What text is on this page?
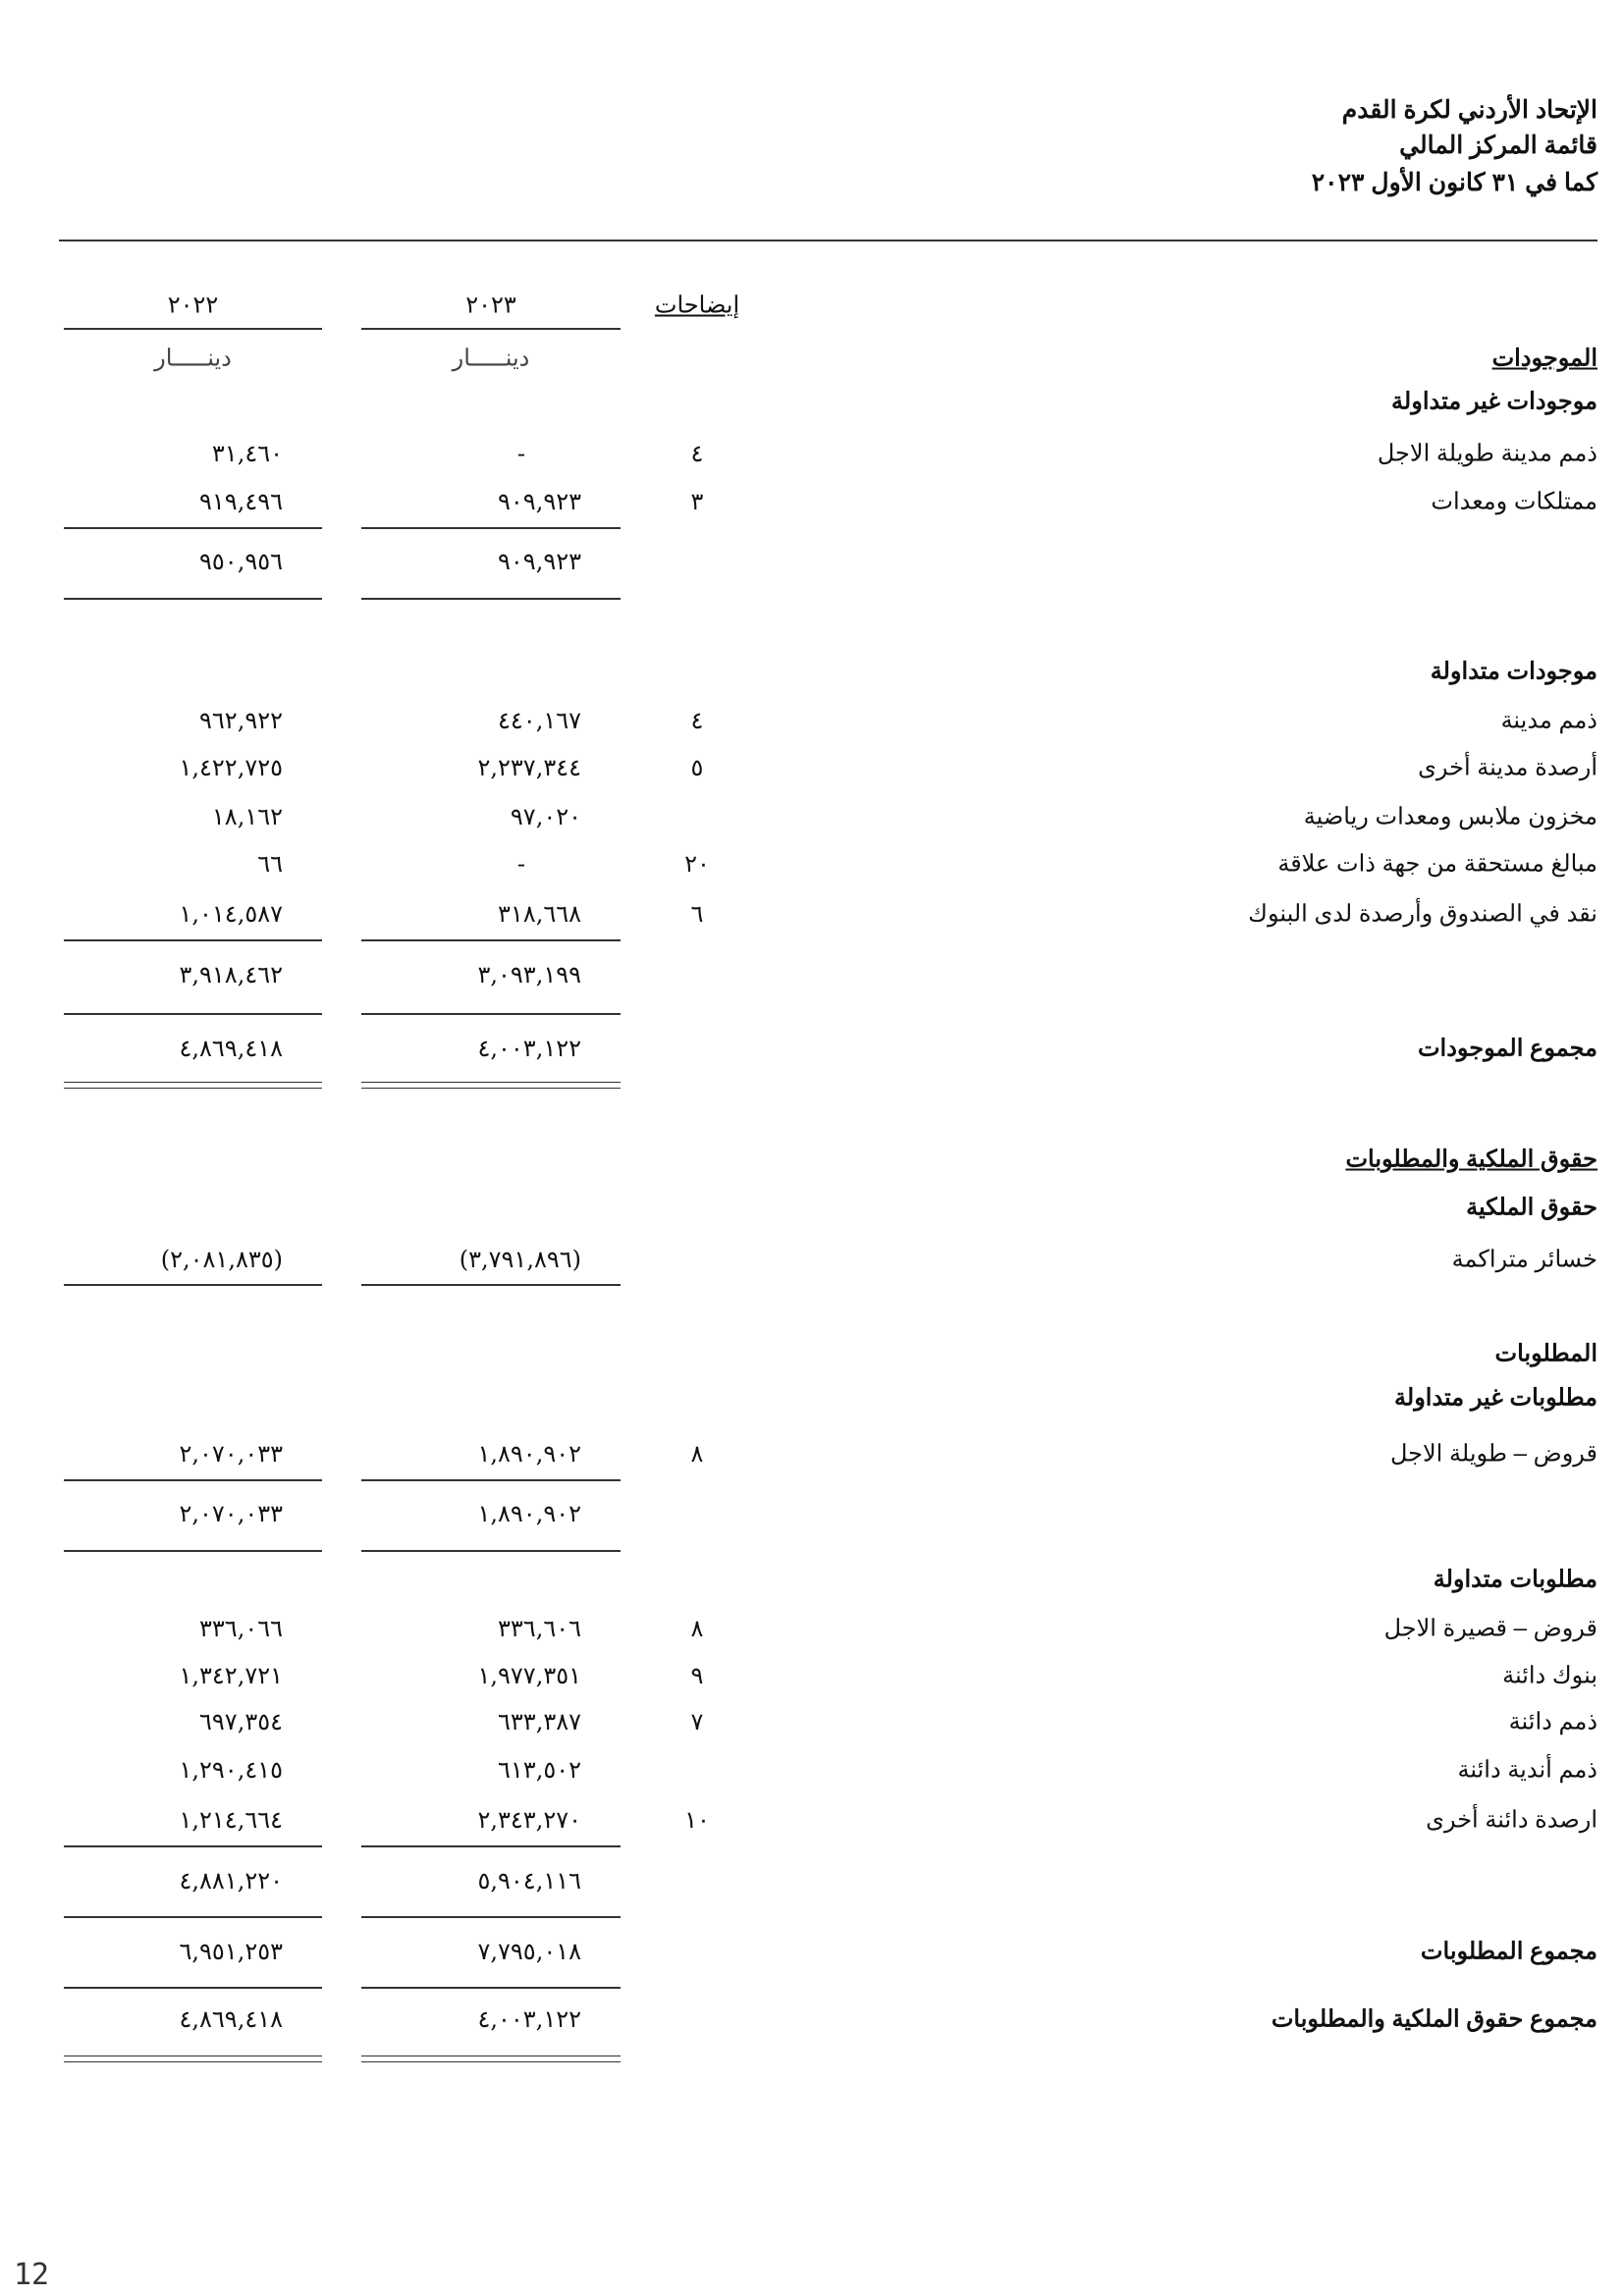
الإتحاد الأردني لكرة القدم
قائمة المركز المالي
كما في ٣١ كانون الأول ٢٠٢٣
إيضاحات
٢٠٢٣
٢٠٢٢
دينـــــار
دينـــــار	الموجودات
موجودات غير متداولة
ذمم مدينة طويلة الاجل
٤
-
٣١,٤٦٠
ممتلكات ومعدات
٣
٩٠٩,٩٢٣
٩١٩,٤٩٦
٩٠٩,٩٢٣
٩٥٠,٩٥٦
موجودات متداولة
ذمم مدينة
٤
٤٤٠,١٦٧
٩٦٢,٩٢٢
أرصدة مدينة أخرى
٥
٢,٢٣٧,٣٤٤
١,٤٢٢,٧٢٥
مخزون ملابس ومعدات رياضية
٩٧,٠٢٠
١٨,١٦٢
مبالغ مستحقة من جهة ذات علاقة
٢٠
-
٦٦
نقد في الصندوق وأرصدة لدى البنوك
٦
٣١٨,٦٦٨
١,٠١٤,٥٨٧
٣,٠٩٣,١٩٩
٣,٩١٨,٤٦٢
مجموع الموجودات
٤,٠٠٣,١٢٢
٤,٨٦٩,٤١٨
حقوق الملكية والمطلوبات
حقوق الملكية
خسائر متراكمة
(٣,٧٩١,٨٩٦)
(٢,٠٨١,٨٣٥)
المطلوبات
مطلوبات غير متداولة
قروض – طويلة الاجل
٨
١,٨٩٠,٩٠٢
٢,٠٧٠,٠٣٣
١,٨٩٠,٩٠٢
٢,٠٧٠,٠٣٣
مطلوبات متداولة
قروض – قصيرة الاجل
٨
٣٣٦,٦٠٦
٣٣٦,٠٦٦
بنوك دائنة
٩
١,٩٧٧,٣٥١
١,٣٤٢,٧٢١
ذمم دائنة
٧
٦٣٣,٣٨٧
٦٩٧,٣٥٤
ذمم أندية دائنة
٦١٣,٥٠٢
١,٢٩٠,٤١٥
ارصدة دائنة أخرى
١٠
٢,٣٤٣,٢٧٠
١,٢١٤,٦٦٤
٥,٩٠٤,١١٦
٤,٨٨١,٢٢٠
مجموع المطلوبات
٧,٧٩٥,٠١٨
٦,٩٥١,٢٥٣
مجموع حقوق الملكية والمطلوبات
٤,٠٠٣,١٢٢
٤,٨٦٩,٤١٨
12
